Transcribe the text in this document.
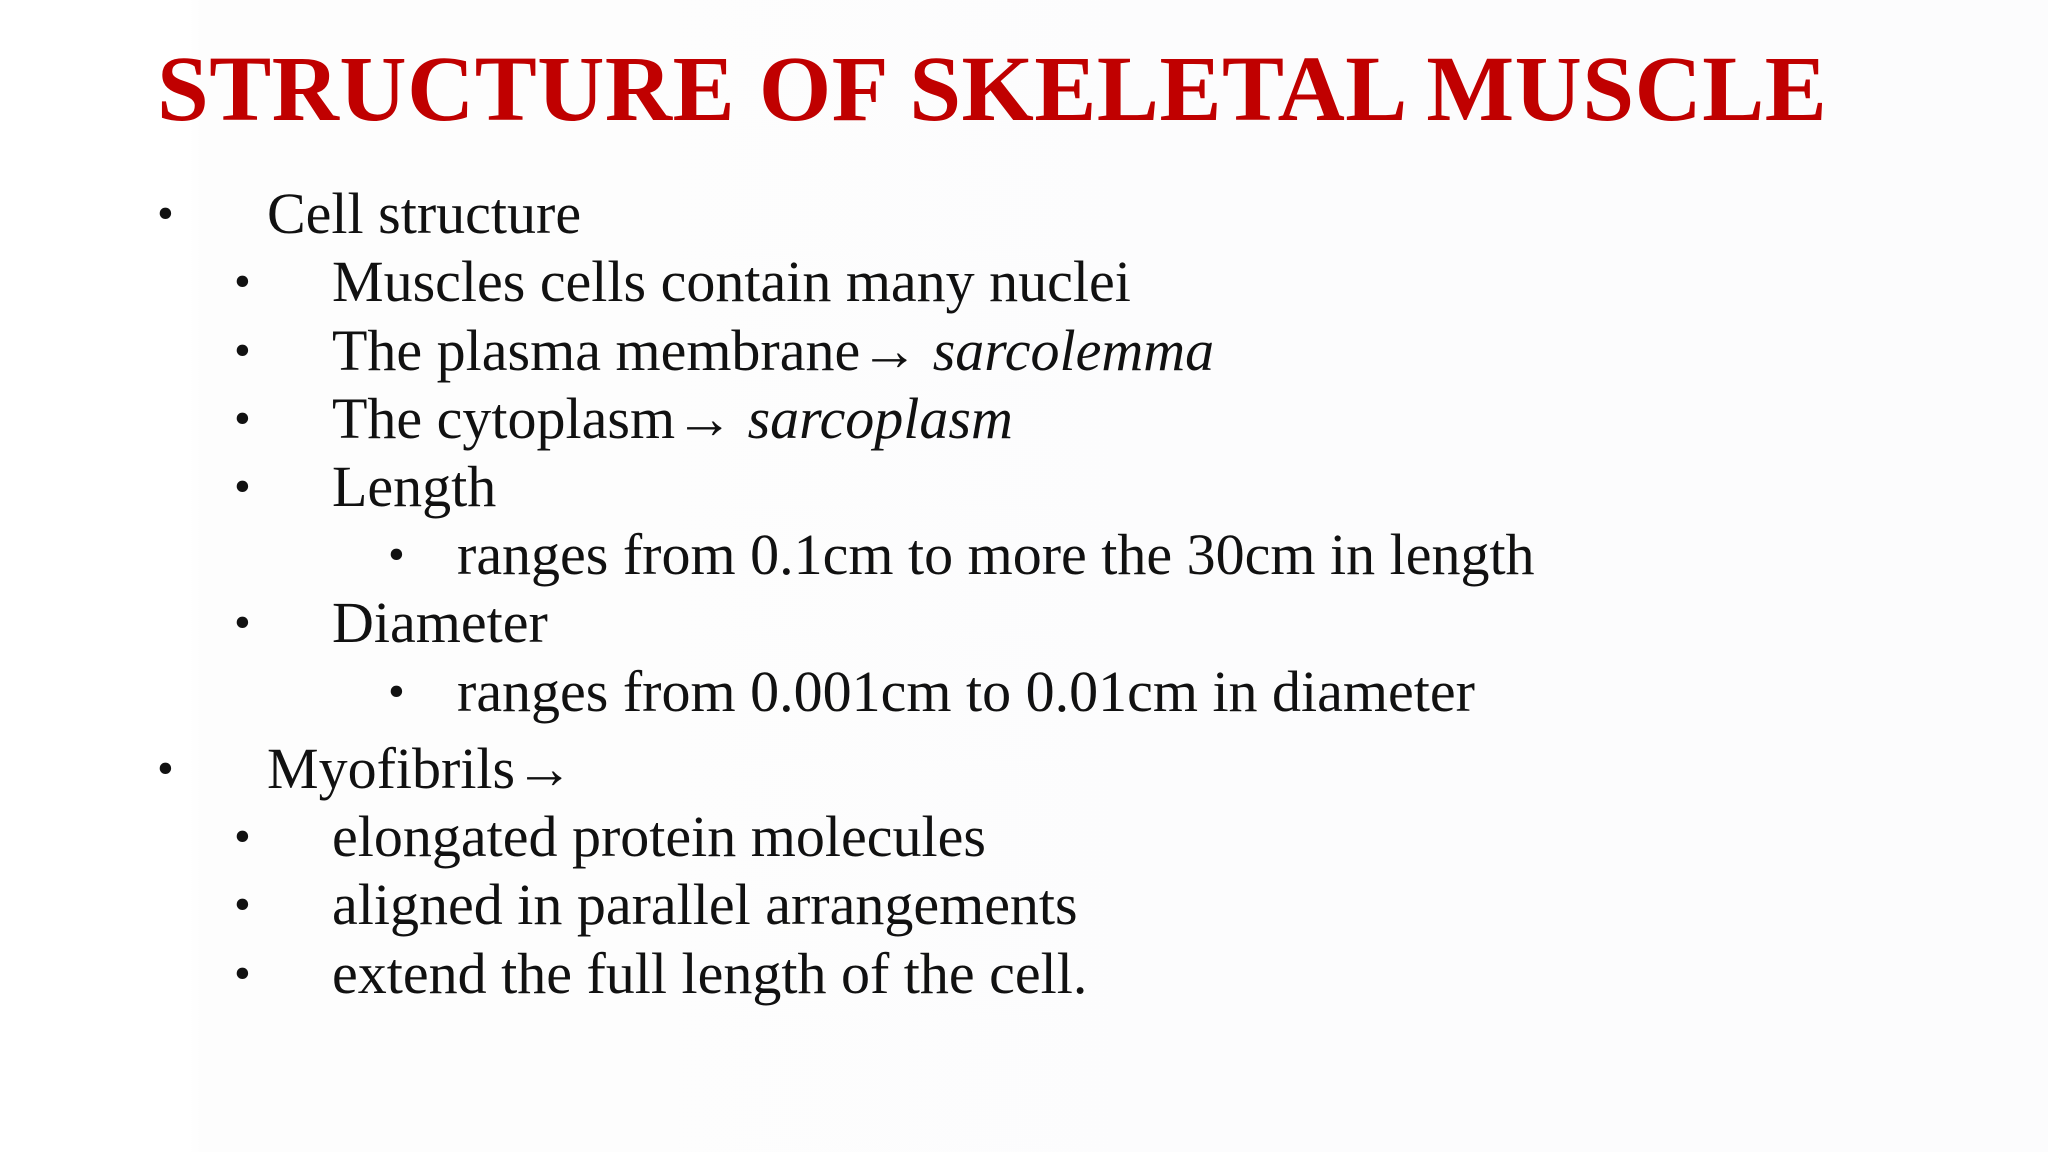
STRUCTURE OF SKELETAL MUSCLE
• Cell structure
• Muscles cells contain many nuclei
• The plasma membrane→ sarcolemma
• The cytoplasm→ sarcoplasm
• Length
• ranges from 0.1cm to more the 30cm in length
• Diameter
• ranges from 0.001cm to 0.01cm in diameter
• Myofibrils→
• elongated protein molecules
• aligned in parallel arrangements
• extend the full length of the cell.
